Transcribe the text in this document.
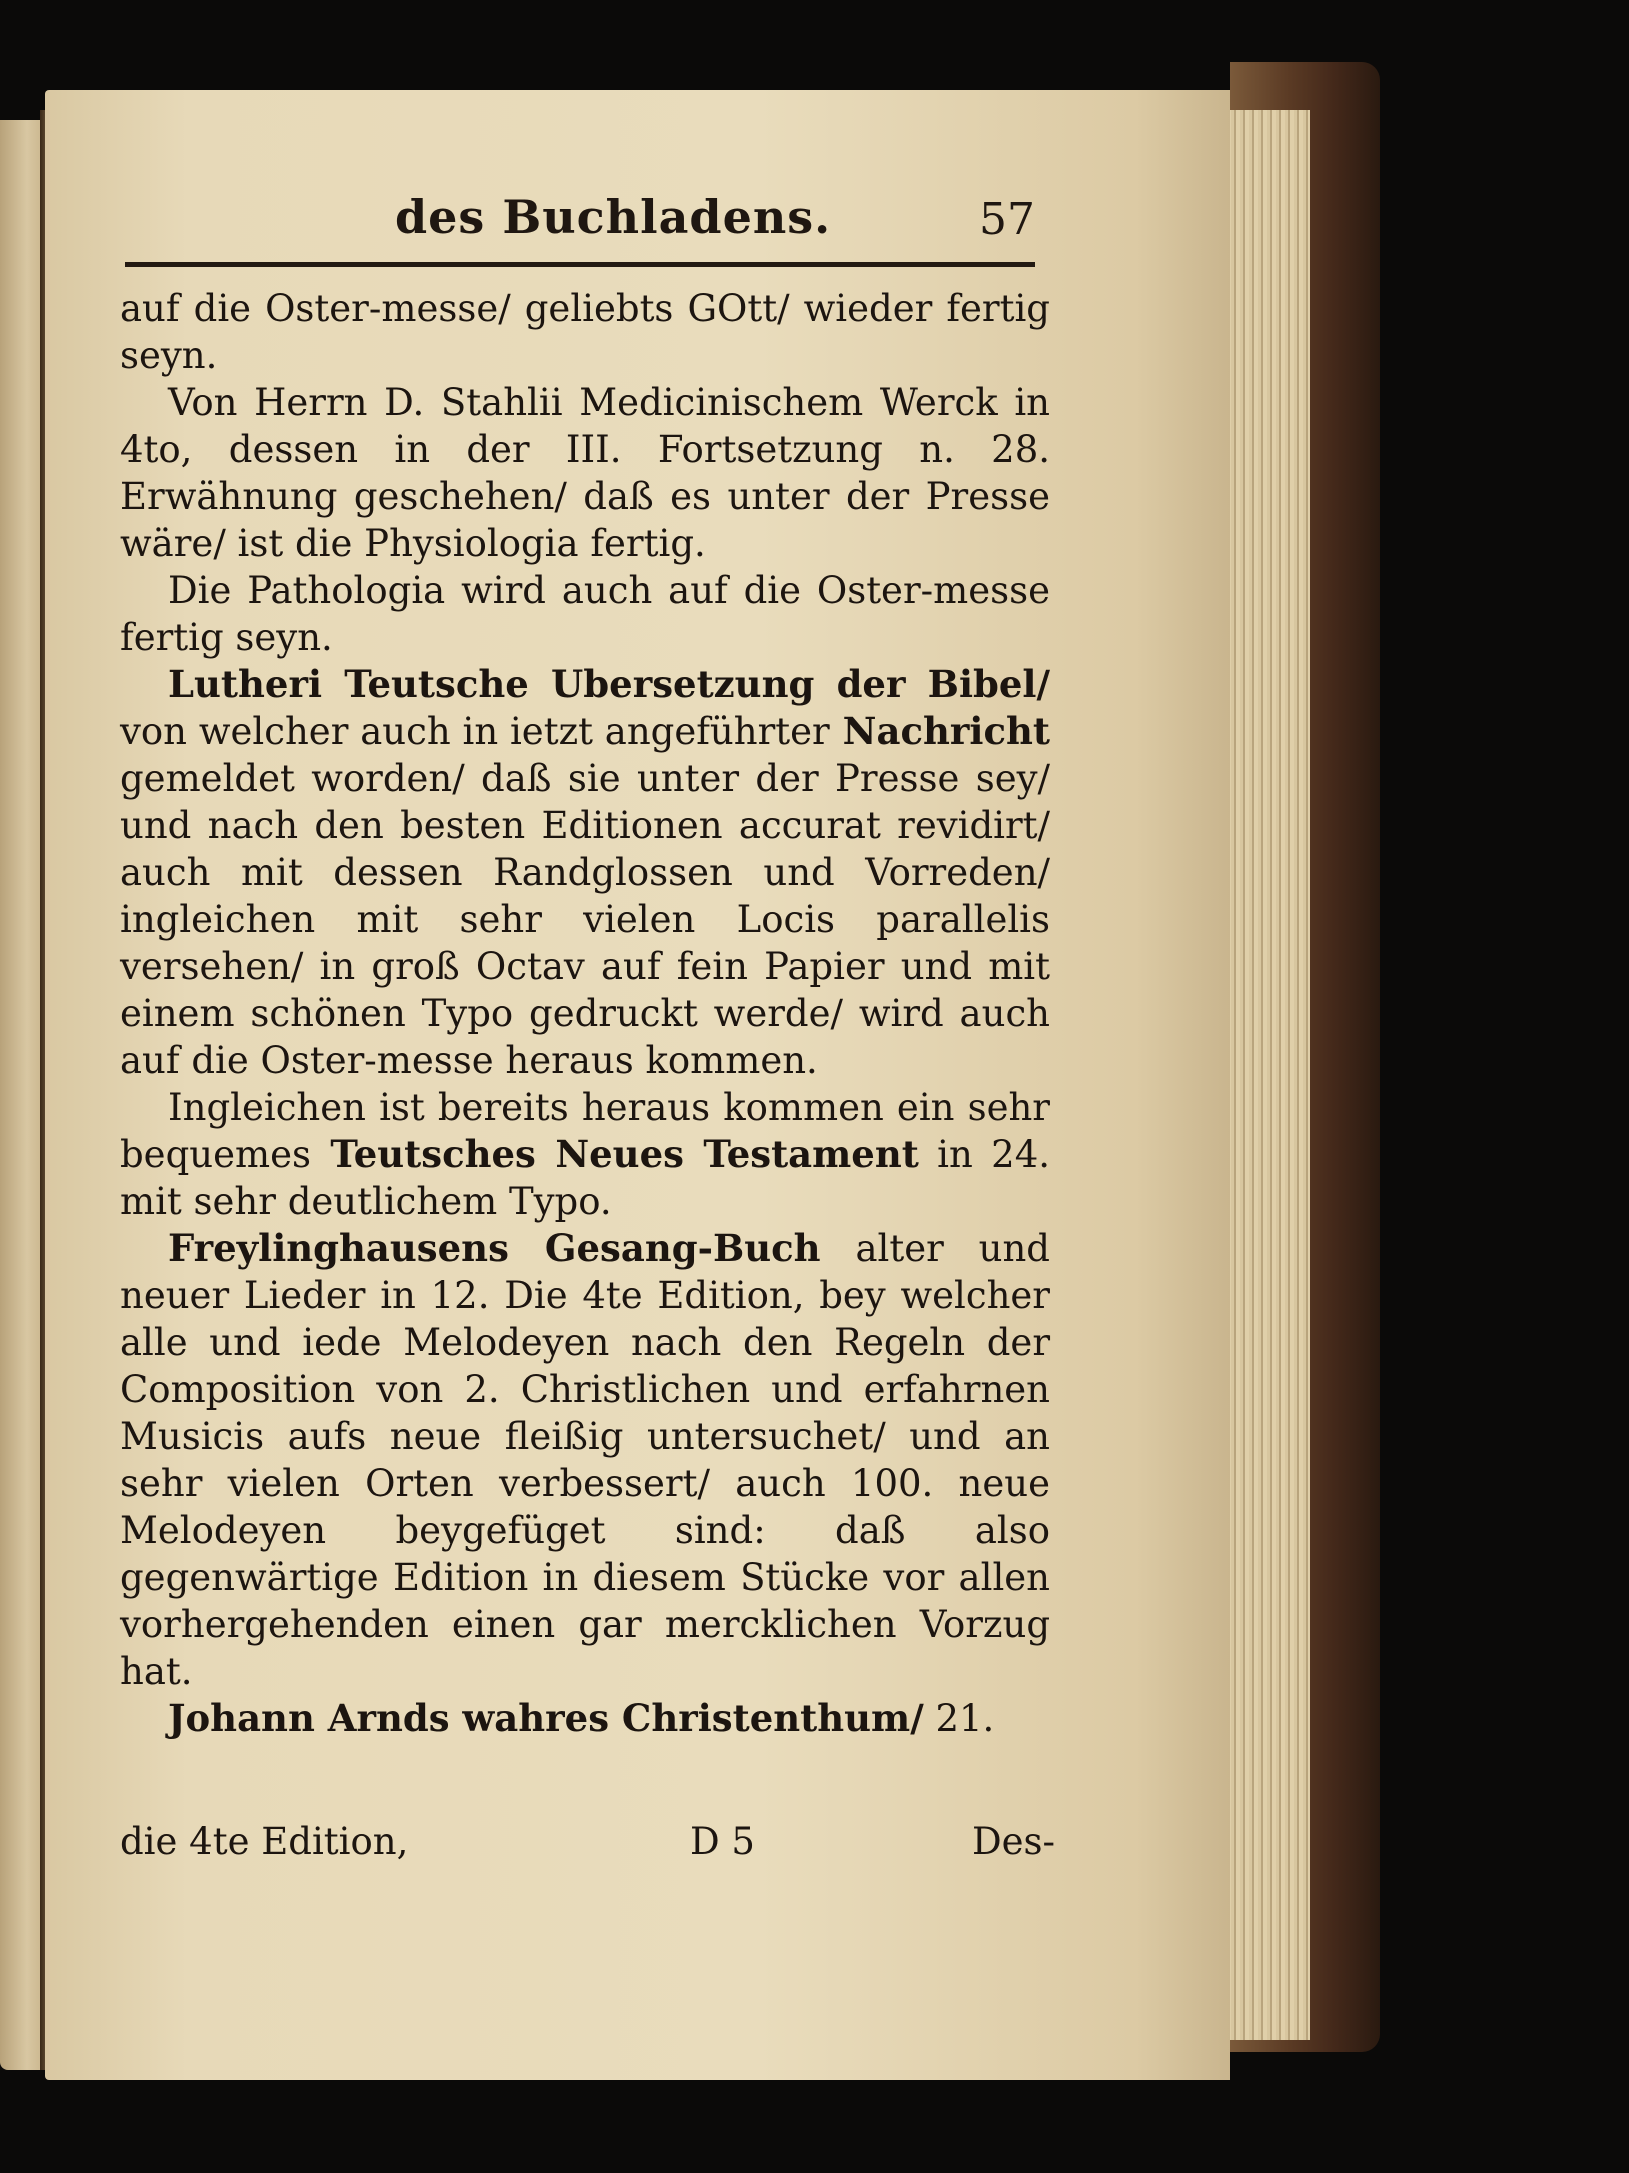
des Buchladens.	57

auf die Oster-messe/ geliebts GOtt/ wieder fertig seyn.

Von Herrn D. Stahlii Medicinischem Werck in 4to, dessen in der III. Fortsetzung n. 28. Erwähnung geschehen/ daß es unter der Presse wäre/ ist die Physiologia fertig.

Die Pathologia wird auch auf die Oster-messe fertig seyn.

Lutheri Teutsche Ubersetzung der Bibel/ von welcher auch in ietzt angeführter Nachricht gemeldet worden/ daß sie unter der Presse sey/ und nach den besten Editionen accurat revidirt/ auch mit dessen Randglossen und Vorreden/ ingleichen mit sehr vielen Locis parallelis versehen/ in groß Octav auf fein Papier und mit einem schönen Typo gedruckt werde/ wird auch auf die Oster-messe heraus kommen.

Ingleichen ist bereits heraus kommen ein sehr bequemes Teutsches Neues Testament in 24. mit sehr deutlichem Typo.

Freylinghausens Gesang-Buch alter und neuer Lieder in 12. Die 4te Edition, bey welcher alle und iede Melodeyen nach den Regeln der Composition von 2. Christlichen und erfahrnen Musicis aufs neue fleißig untersuchet/ und an sehr vielen Orten verbessert/ auch 100. neue Melodeyen beygefüget sind: daß also gegenwärtige Edition in diesem Stücke vor allen vorhergehenden einen gar mercklichen Vorzug hat.

Johann Arnds wahres Christenthum/ 21.

die 4te Edition,	D 5	Des-
